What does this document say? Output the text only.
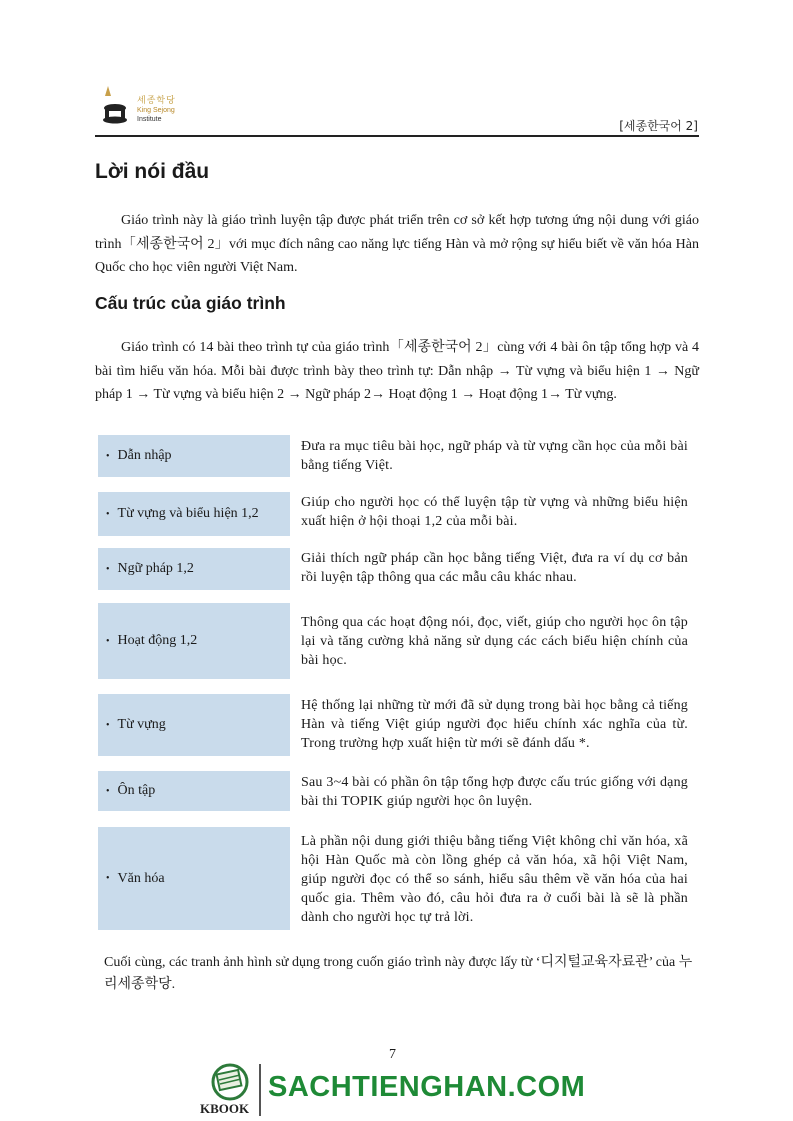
세종학당
King Sejong
Institute	[세종한국어 2]
Lời nói đầu

Giáo trình này là giáo trình luyện tập được phát triển trên cơ sở kết hợp tương ứng nội dung với giáo trình「세종한국어 2」với mục đích nâng cao năng lực tiếng Hàn và mở rộng sự hiểu biết về văn hóa Hàn Quốc cho học viên người Việt Nam.

Cấu trúc của giáo trình

Giáo trình có 14 bài theo trình tự của giáo trình「세종한국어 2」cùng với 4 bài ôn tập tổng hợp và 4 bài tìm hiểu văn hóa. Mỗi bài được trình bày theo trình tự: Dẫn nhập → Từ vựng và biểu hiện 1 → Ngữ pháp 1 → Từ vựng và biểu hiện 2 → Ngữ pháp 2→ Hoạt động 1 → Hoạt động 1→ Từ vựng.

• Dẫn nhập
Đưa ra mục tiêu bài học, ngữ pháp và từ vựng cần học của mỗi bài bằng tiếng Việt.
• Từ vựng và biểu hiện 1,2
Giúp cho người học có thể luyện tập từ vựng và những biểu hiện xuất hiện ở hội thoại 1,2 của mỗi bài.
• Ngữ pháp 1,2
Giải thích ngữ pháp cần học bằng tiếng Việt, đưa ra ví dụ cơ bản rồi luyện tập thông qua các mẫu câu khác nhau.
• Hoạt động 1,2
Thông qua các hoạt động nói, đọc, viết, giúp cho người học ôn tập lại và tăng cường khả năng sử dụng các cách biểu hiện chính của bài học.
• Từ vựng
Hệ thống lại những từ mới đã sử dụng trong bài học bằng cả tiếng Hàn và tiếng Việt giúp người đọc hiểu chính xác nghĩa của từ. Trong trường hợp xuất hiện từ mới sẽ đánh dấu *.
• Ôn tập
Sau 3~4 bài có phần ôn tập tổng hợp được cấu trúc giống với dạng bài thi TOPIK giúp người học ôn luyện.
• Văn hóa
Là phần nội dung giới thiệu bằng tiếng Việt không chỉ văn hóa, xã hội Hàn Quốc mà còn lồng ghép cả văn hóa, xã hội Việt Nam, giúp người đọc có thể so sánh, hiểu sâu thêm về văn hóa của hai quốc gia. Thêm vào đó, câu hỏi đưa ra ở cuối bài là sẽ là phần dành cho người học tự trả lời.

Cuối cùng, các tranh ảnh hình sử dụng trong cuốn giáo trình này được lấy từ ‘디지털교육자료관’ của 누리세종학당.

7
KBOOK
SACHTIENGHAN.COM
